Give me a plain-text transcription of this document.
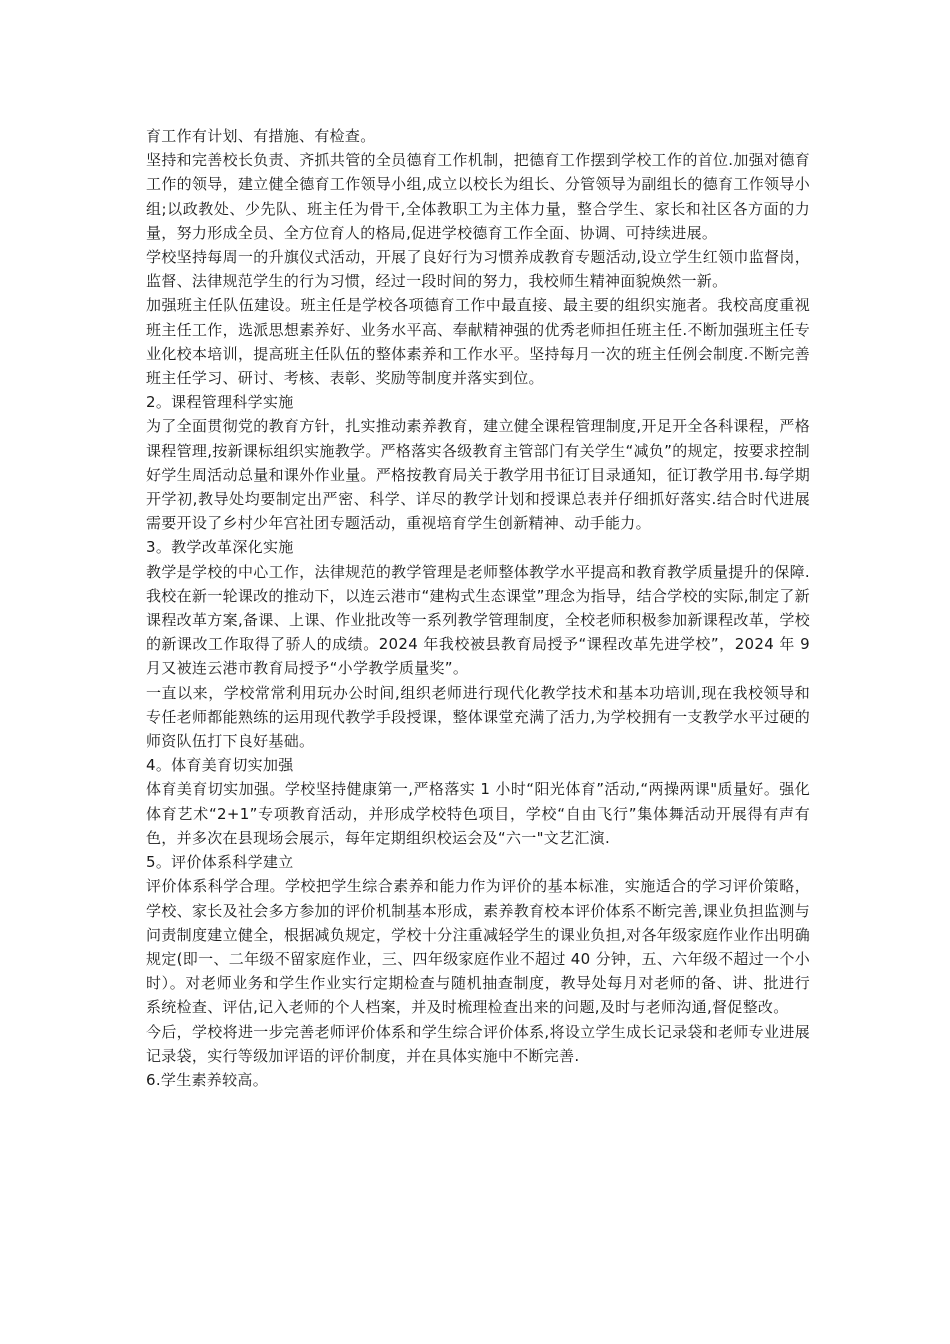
育工作有计划、有措施、有检查。

坚持和完善校长负责、齐抓共管的全员德育工作机制，把德育工作摆到学校工作的首位.加强对德育工作的领导，建立健全德育工作领导小组,成立以校长为组长、分管领导为副组长的德育工作领导小组;以政教处、少先队、班主任为骨干,全体教职工为主体力量，整合学生、家长和社区各方面的力量，努力形成全员、全方位育人的格局,促进学校德育工作全面、协调、可持续进展。

学校坚持每周一的升旗仪式活动，开展了良好行为习惯养成教育专题活动,设立学生红领巾监督岗，监督、法律规范学生的行为习惯，经过一段时间的努力，我校师生精神面貌焕然一新。

加强班主任队伍建设。班主任是学校各项德育工作中最直接、最主要的组织实施者。我校高度重视班主任工作，选派思想素养好、业务水平高、奉献精神强的优秀老师担任班主任.不断加强班主任专业化校本培训，提高班主任队伍的整体素养和工作水平。坚持每月一次的班主任例会制度.不断完善班主任学习、研讨、考核、表彰、奖励等制度并落实到位。

2。课程管理科学实施

为了全面贯彻党的教育方针，扎实推动素养教育，建立健全课程管理制度,开足开全各科课程，严格课程管理,按新课标组织实施教学。严格落实各级教育主管部门有关学生“减负”的规定，按要求控制好学生周活动总量和课外作业量。严格按教育局关于教学用书征订目录通知，征订教学用书.每学期开学初,教导处均要制定出严密、科学、详尽的教学计划和授课总表并仔细抓好落实.结合时代进展需要开设了乡村少年宫社团专题活动，重视培育学生创新精神、动手能力。

3。教学改革深化实施

教学是学校的中心工作，法律规范的教学管理是老师整体教学水平提高和教育教学质量提升的保障.我校在新一轮课改的推动下，以连云港市“建构式生态课堂”理念为指导，结合学校的实际,制定了新课程改革方案,备课、上课、作业批改等一系列教学管理制度，全校老师积极参加新课程改革，学校的新课改工作取得了骄人的成绩。2024 年我校被县教育局授予“课程改革先进学校”，2024 年 9 月又被连云港市教育局授予“小学教学质量奖”。

一直以来，学校常常利用玩办公时间,组织老师进行现代化教学技术和基本功培训,现在我校领导和专任老师都能熟练的运用现代教学手段授课，整体课堂充满了活力,为学校拥有一支教学水平过硬的师资队伍打下良好基础。

4。体育美育切实加强

体育美育切实加强。学校坚持健康第一,严格落实 1 小时“阳光体育”活动,“两操两课"质量好。强化体育艺术“2+1”专项教育活动，并形成学校特色项目，学校“自由飞行”集体舞活动开展得有声有色，并多次在县现场会展示，每年定期组织校运会及“六一"文艺汇演.

5。评价体系科学建立

评价体系科学合理。学校把学生综合素养和能力作为评价的基本标准，实施适合的学习评价策略，学校、家长及社会多方参加的评价机制基本形成，素养教育校本评价体系不断完善,课业负担监测与问责制度建立健全，根据减负规定，学校十分注重减轻学生的课业负担,对各年级家庭作业作出明确规定(即一、二年级不留家庭作业，三、四年级家庭作业不超过 40 分钟，五、六年级不超过一个小时）。对老师业务和学生作业实行定期检查与随机抽查制度，教导处每月对老师的备、讲、批进行系统检查、评估,记入老师的个人档案，并及时梳理检查出来的问题,及时与老师沟通,督促整改。

今后，学校将进一步完善老师评价体系和学生综合评价体系,将设立学生成长记录袋和老师专业进展记录袋，实行等级加评语的评价制度，并在具体实施中不断完善.

6.学生素养较高。
